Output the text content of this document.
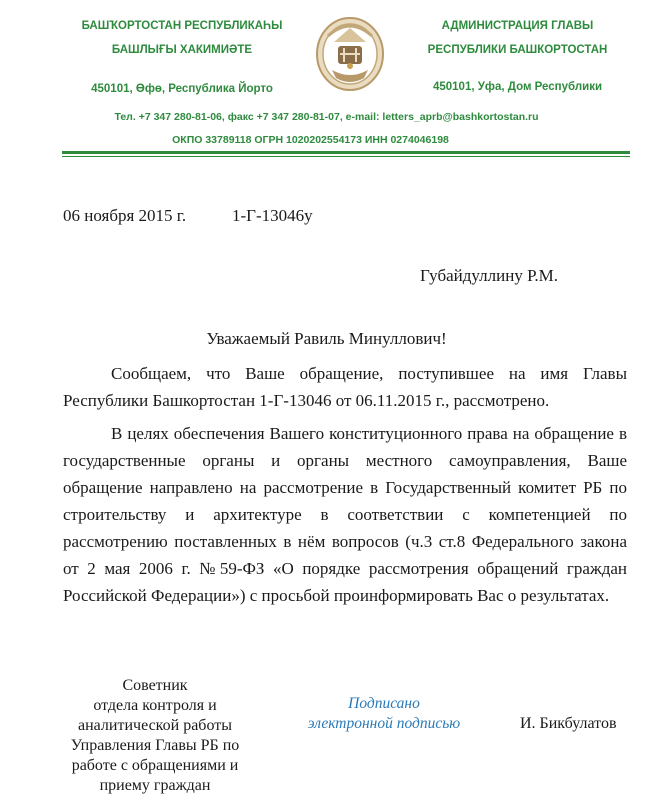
БАШҠОРТОСТАН РЕСПУБЛИКАҺЫ
БАШЛЫҒЫ ХАКИМИӘТЕ
450101, Өфө, Республика Йорто
АДМИНИСТРАЦИЯ ГЛАВЫ
РЕСПУБЛИКИ БАШКОРТОСТАН
450101, Уфа, Дом Республики
Тел. +7 347 280-81-06, факс +7 347 280-81-07, e-mail: letters_aprb@bashkortostan.ru
ОКПО 33789118 ОГРН 1020202554173 ИНН 0274046198
06 ноября 2015 г.	1-Г-13046у
Губайдуллину Р.М.
Уважаемый Равиль Минуллович!

Сообщаем, что Ваше обращение, поступившее на имя Главы Республики Башкортостан 1-Г-13046 от 06.11.2015 г., рассмотрено.

В целях обеспечения Вашего конституционного права на обращение в государственные органы и органы местного самоуправления, Ваше обращение направлено на рассмотрение в Государственный комитет РБ по строительству и архитектуре в соответствии с компетенцией по рассмотрению поставленных в нём вопросов (ч.3 ст.8 Федерального закона от 2 мая 2006 г. №59-ФЗ «О порядке рассмотрения обращений граждан Российской Федерации») с просьбой проинформировать Вас о результатах.

Советник
отдела контроля и
аналитической работы
Управления Главы РБ по
работе с обращениями и
приему граждан
Подписано
электронной подписью	И. Бикбулатов
